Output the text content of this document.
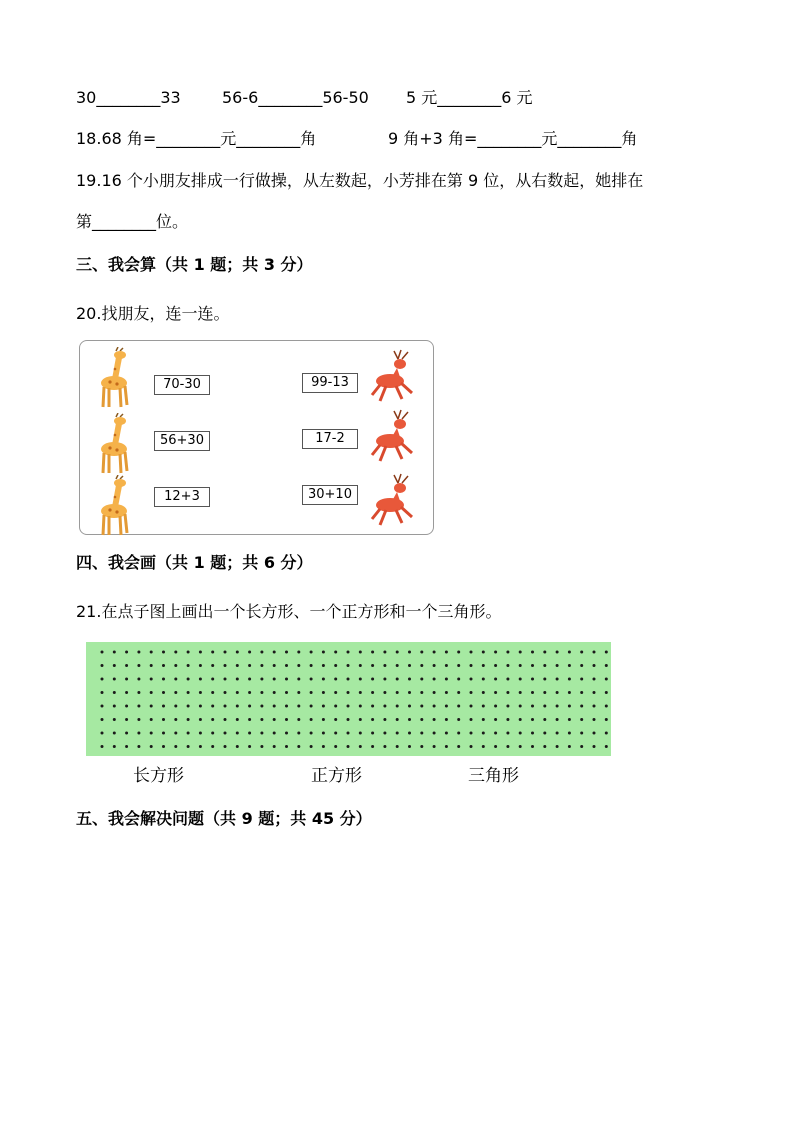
30________33	56-6________56-50 5 元________6 元
18.68 角=________元________角	9 角+3 角=________元________角
19.16 个小朋友排成一行做操，从左数起，小芳排在第 9 位，从右数起，她排在
第________位。
三、我会算（共 1 题；共 3 分）
20.找朋友，连一连。
70-30
56+30
12+3
99-13
17-2
30+10
四、我会画（共 1 题；共 6 分）
21.在点子图上画出一个长方形、一个正方形和一个三角形。
长方形	正方形	三角形
五、我会解决问题（共 9 题；共 45 分）
